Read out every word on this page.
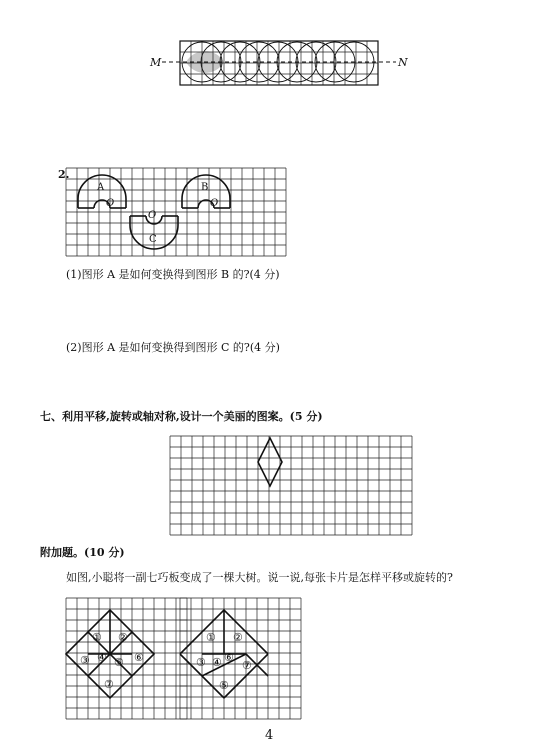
M	N
2.
A
O
B
O
O
C
(1)图形 A 是如何变换得到图形 B 的?(4 分)
(2)图形 A 是如何变换得到图形 C 的?(4 分)
七、利用平移,旋转或轴对称,设计一个美丽的图案。(5 分)
附加题。(10 分)
如图,小聪将一副七巧板变成了一棵大树。说一说,每张卡片是怎样平移或旋转的?
① ②
③ ④ ⑤ ⑥
⑦
① ②
③ ④ ⑥
⑦
⑤
4
